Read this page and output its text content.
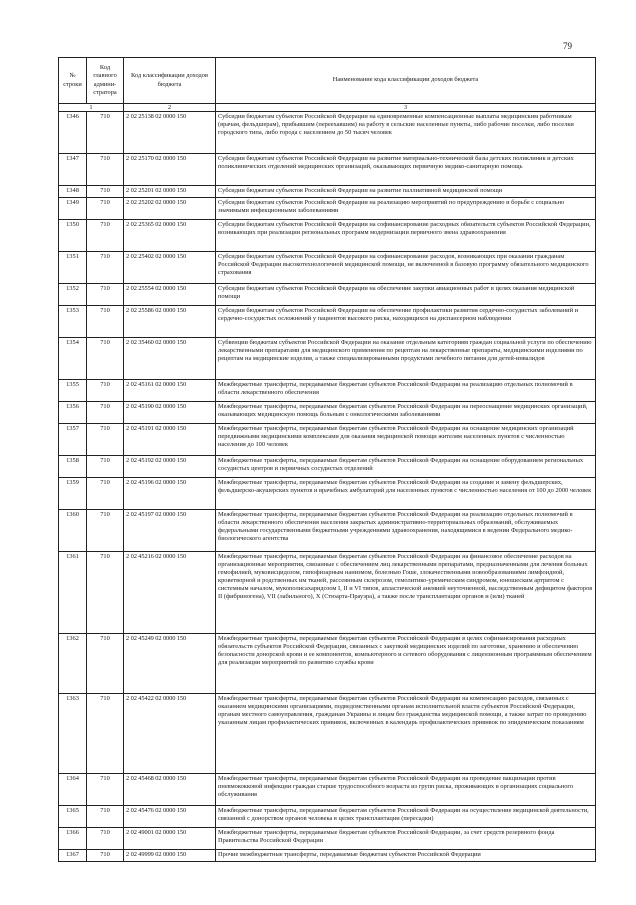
79
№ строки	Код главного админи-стратора	Код классификации доходов бюджета	Наименование кода классификации доходов бюджета
1		2	3
1346	710	2 02 25138 02 0000 150	Субсидии бюджетам субъектов Российской Федерации на единовременные компенсационные выплаты медицинским работникам (врачам, фельдшерам), прибывшим (переехавшим) на работу в сельские населенные пункты, либо рабочие поселки, либо поселки городского типа, либо города с населением до 50 тысяч человек
1347	710	2 02 25170 02 0000 150	Субсидии бюджетам субъектов Российской Федерации на развитие материально-технической базы детских поликлиник и детских поликлинических отделений медицинских организаций, оказывающих первичную медико-санитарную помощь
1348	710	2 02 25201 02 0000 150	Субсидии бюджетам субъектов Российской Федерации на развитие паллиативной медицинской помощи
1349	710	2 02 25202 02 0000 150	Субсидии бюджетам субъектов Российской Федерации на реализацию мероприятий по предупреждению и борьбе с социально значимыми инфекционными заболеваниями
1350	710	2 02 25365 02 0000 150	Субсидии бюджетам субъектов Российской Федерации на софинансирование расходных обязательств субъектов Российской Федерации, возникающих при реализации региональных программ модернизации первичного звена здравоохранения
1351	710	2 02 25402 02 0000 150	Субсидии бюджетам субъектов Российской Федерации на софинансирование расходов, возникающих при оказании гражданам Российской Федерации высокотехнологичной медицинской помощи, не включенной в базовую программу обязательного медицинского страхования
1352	710	2 02 25554 02 0000 150	Субсидии бюджетам субъектов Российской Федерации на обеспечение закупки авиационных работ в целях оказания медицинской помощи
1353	710	2 02 25586 02 0000 150	Субсидии бюджетам субъектов Российской Федерации на обеспечение профилактики развития сердечно-сосудистых заболеваний и сердечно-сосудистых осложнений у пациентов высокого риска, находящихся на диспансерном наблюдении
1354	710	2 02 35460 02 0000 150	Субвенции бюджетам субъектов Российской Федерации на оказание отдельным категориям граждан социальной услуги по обеспечению лекарственными препаратами для медицинского применения по рецептам на лекарственные препараты, медицинскими изделиями по рецептам на медицинские изделия, а также специализированными продуктами лечебного питания для детей-инвалидов
1355	710	2 02 45161 02 0000 150	Межбюджетные трансферты, передаваемые бюджетам субъектов Российской Федерации на реализацию отдельных полномочий в области лекарственного обеспечения
1356	710	2 02 45190 02 0000 150	Межбюджетные трансферты, передаваемые бюджетам субъектов Российской Федерации на переоснащение медицинских организаций, оказывающих медицинскую помощь больным с онкологическими заболеваниями
1357	710	2 02 45191 02 0000 150	Межбюджетные трансферты, передаваемые бюджетам субъектов Российской Федерации на оснащение медицинских организаций передвижными медицинскими комплексами для оказания медицинской помощи жителям населенных пунктов с численностью населения до 100 человек
1358	710	2 02 45192 02 0000 150	Межбюджетные трансферты, передаваемые бюджетам субъектов Российской Федерации на оснащение оборудованием региональных сосудистых центров и первичных сосудистых отделений
1359	710	2 02 45196 02 0000 150	Межбюджетные трансферты, передаваемые бюджетам субъектов Российской Федерации на создание и замену фельдшерских, фельдшерско-акушерских пунктов и врачебных амбулаторий для населенных пунктов с численностью населения от 100 до 2000 человек
1360	710	2 02 45197 02 0000 150	Межбюджетные трансферты, передаваемые бюджетам субъектов Российской Федерации на реализацию отдельных полномочий в области лекарственного обеспечения населения закрытых административно-территориальных образований, обслуживаемых федеральными государственными бюджетными учреждениями здравоохранения, находящимися в ведении Федерального медико-биологического агентства
1361	710	2 02 45216 02 0000 150	Межбюджетные трансферты, передаваемые бюджетам субъектов Российской Федерации на финансовое обеспечение расходов на организационные мероприятия, связанные с обеспечением лиц лекарственными препаратами, предназначенными для лечения больных гемофилией, муковисцидозом, гипофизарным нанизмом, болезнью Гоше, злокачественными новообразованиями лимфоидной, кроветворной и родственных им тканей, рассеянным склерозом, гемолитико-уремическим синдромом, юношеским артритом с системным началом, мукополисахаридозом I, II и VI типов, апластической анемией неуточненной, наследственным дефицитом факторов II (фибриногена), VII (лабильного), X (Стюарта-Прауэра), а также после трансплантации органов и (или) тканей
1362	710	2 02 45249 02 0000 150	Межбюджетные трансферты, передаваемые бюджетам субъектов Российской Федерации в целях софинансирования расходных обязательств субъектов Российской Федерации, связанных с закупкой медицинских изделий по заготовке, хранению и обеспечению безопасности донорской крови и ее компонентов, компьютерного и сетевого оборудования с лицензионным программным обеспечением для реализации мероприятий по развитию службы крови
1363	710	2 02 45422 02 0000 150	Межбюджетные трансферты, передаваемые бюджетам субъектов Российской Федерации на компенсацию расходов, связанных с оказанием медицинскими организациями, подведомственными органам исполнительной власти субъектов Российской Федерации, органам местного самоуправления, гражданам Украины и лицам без гражданства медицинской помощи, а также затрат по проведению указанным лицам профилактических прививок, включенных в календарь профилактических прививок по эпидемическим показаниям
1364	710	2 02 45468 02 0000 150	Межбюджетные трансферты, передаваемые бюджетам субъектов Российской Федерации на проведение вакцинации против пневмококковой инфекции граждан старше трудоспособного возраста из групп риска, проживающих в организациях социального обслуживания
1365	710	2 02 45476 02 0000 150	Межбюджетные трансферты, передаваемые бюджетам субъектов Российской Федерации на осуществление медицинской деятельности, связанной с донорством органов человека в целях трансплантации (пересадки)
1366	710	2 02 49001 02 0000 150	Межбюджетные трансферты, передаваемые бюджетам субъектов Российской Федерации, за счет средств резервного фонда Правительства Российской Федерации
1367	710	2 02 49999 02 0000 150	Прочие межбюджетные трансферты, передаваемые бюджетам субъектов Российской Федерации
